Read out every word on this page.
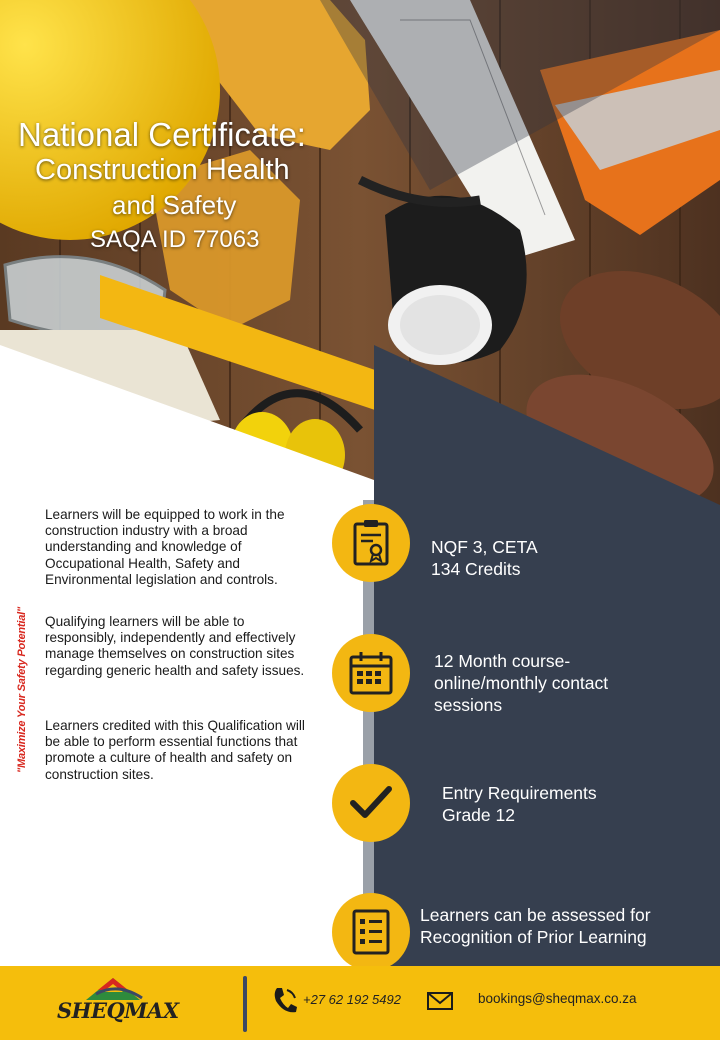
National Certificate:
Construction Health
and Safety
SAQA ID 77063

Learners will be equipped to work in the construction industry with a broad understanding and knowledge of Occupational Health, Safety and Environmental legislation and controls.

Qualifying learners will be able to responsibly, independently and effectively manage themselves on construction sites regarding generic health and safety issues.

Learners credited with this Qualification will be able to perform essential functions that promote a culture of health and safety on construction sites.

"Maximize Your Safety Potential"
NQF 3, CETA
134 Credits
12 Month course-
online/monthly contact
sessions
Entry Requirements
Grade 12
Learners can be assessed for
Recognition of Prior Learning
SHEQMAX	+27 62 192 5492	bookings@sheqmax.co.za
